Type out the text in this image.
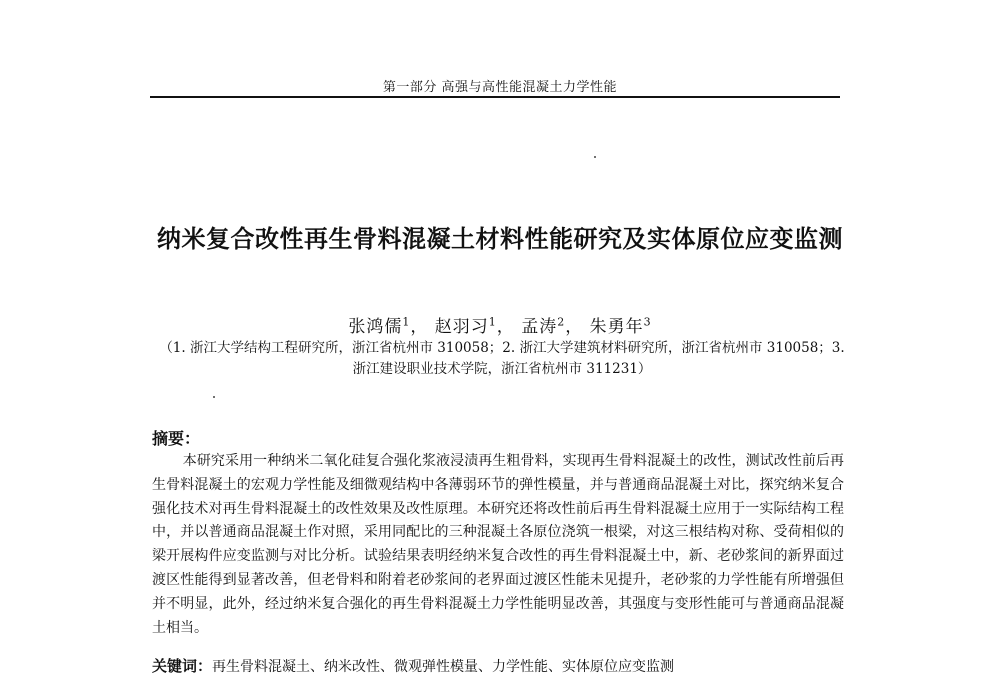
第一部分 高强与高性能混凝土力学性能
纳米复合改性再生骨料混凝土材料性能研究及实体原位应变监测
张鸿儒$^1$， 赵羽习$^1$， 孟涛$^2$， 朱勇年$^3$
（1. 浙江大学结构工程研究所，浙江省杭州市 310058；2. 浙江大学建筑材料研究所，浙江省杭州市 310058；3. 浙江建设职业技术学院，浙江省杭州市 311231）
摘要：
本研究采用一种纳米二氧化硅复合强化浆液浸渍再生粗骨料，实现再生骨料混凝土的改性，测试改性前后再生骨料混凝土的宏观力学性能及细微观结构中各薄弱环节的弹性模量，并与普通商品混凝土对比，探究纳米复合强化技术对再生骨料混凝土的改性效果及改性原理。本研究还将改性前后再生骨料混凝土应用于一实际结构工程中，并以普通商品混凝土作对照，采用同配比的三种混凝土各原位浇筑一根梁，对这三根结构对称、受荷相似的梁开展构件应变监测与对比分析。试验结果表明经纳米复合改性的再生骨料混凝土中，新、老砂浆间的新界面过渡区性能得到显著改善，但老骨料和附着老砂浆间的老界面过渡区性能未见提升，老砂浆的力学性能有所增强但并不明显，此外，经过纳米复合强化的再生骨料混凝土力学性能明显改善，其强度与变形性能可与普通商品混凝土相当。
关键词：再生骨料混凝土、纳米改性、微观弹性模量、力学性能、实体原位应变监测
